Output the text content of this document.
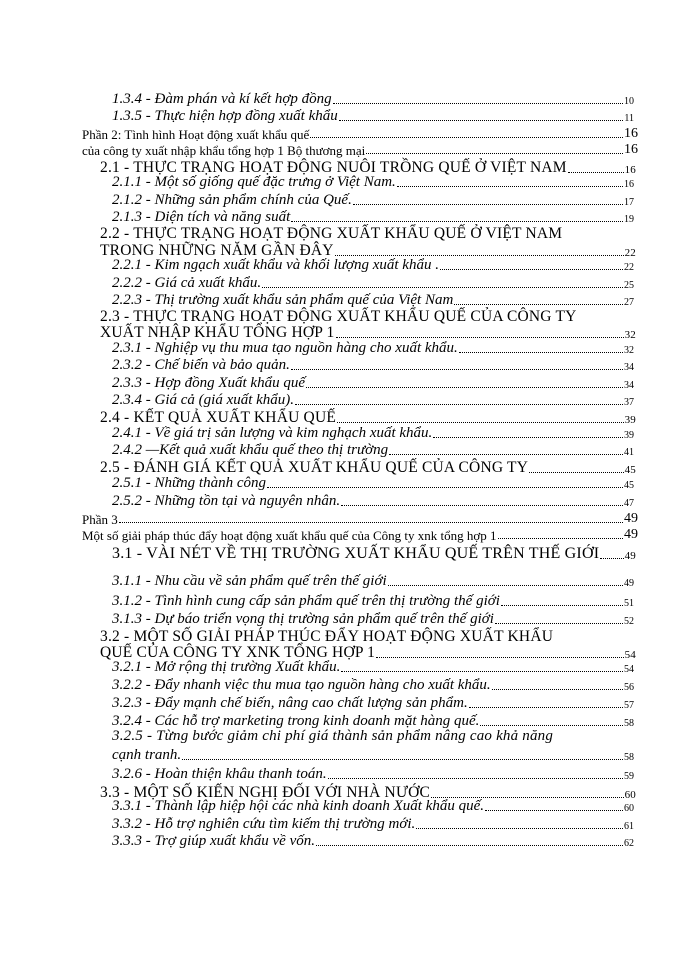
1.3.4 - Đàm phán và kí kết hợp đồng	10
1.3.5 - Thực hiện hợp đồng xuất khẩu	11
Phần 2: Tình hình Hoạt động xuất khẩu quế	16
của công ty xuất nhập khẩu tổng hợp 1 Bộ thương mại	16
2.1 - THỰC TRẠNG HOẠT ĐỘNG NUÔI TRỒNG QUẾ Ở VIỆT NAM	16
2.1.1 - Một số giống quế đặc trưng ở Việt Nam.	16
2.1.2 - Những sản phẩm chính của Quế.	17
2.1.3 - Diện tích và năng suất	19
2.2 - THỰC TRẠNG HOẠT ĐỘNG XUẤT KHẨU QUẾ Ở VIỆT NAM
TRONG NHỮNG NĂM GẦN ĐÂY	22
2.2.1 - Kim ngạch xuất khẩu và khối lượng xuất khẩu .	22
2.2.2 - Giá cả xuất khẩu.	25
2.2.3 - Thị trường xuất khẩu sản phẩm quế của Việt Nam	27
2.3 - THỰC TRẠNG HOẠT ĐỘNG XUẤT KHẨU QUẾ CỦA CÔNG TY
XUẤT NHẬP KHẨU TỔNG HỢP 1	32
2.3.1 - Nghiệp vụ thu mua tạo nguồn hàng cho xuất khẩu.	32
2.3.2 - Chế biến và bảo quản.	34
2.3.3 - Hợp đồng Xuất khẩu quế	34
2.3.4 - Giá cả (giá xuất khẩu).	37
2.4 - KẾT QUẢ XUẤT KHẨU QUẾ	39
2.4.1 - Về giá trị sản lượng và kim nghạch xuất khẩu.	39
2.4.2 —Kết quả xuất khẩu quế theo thị trường	41
2.5 - ĐÁNH GIÁ KẾT QUẢ XUẤT KHẨU QUẾ CỦA CÔNG TY	45
2.5.1 - Những thành công	45
2.5.2 - Những tồn tại và nguyên nhân.	47
Phần 3	49
Một số giải pháp thúc đẩy hoạt động xuất khẩu quế của Công ty xnk tổng hợp 1	49
3.1 - VÀI NÉT VỀ THỊ TRƯỜNG XUẤT KHẨU QUẾ TRÊN THẾ GIỚI 49
3.1.1 - Nhu cầu về sản phẩm quế trên thế giới	49
3.1.2 - Tình hình cung cấp sản phẩm quế trên thị trường thế giới	51
3.1.3 - Dự báo triển vọng thị trường sản phẩm quế trên thế giới	52
3.2 - MỘT SỐ GIẢI PHÁP THÚC ĐẨY HOẠT ĐỘNG XUẤT KHẨU
QUẾ CỦA CÔNG TY XNK TỔNG HỢP 1	54
3.2.1 - Mở rộng thị trường Xuất khẩu.	54
3.2.2 - Đẩy nhanh việc thu mua tạo nguồn hàng cho xuất khẩu.	56
3.2.3 - Đẩy mạnh chế biến, nâng cao chất lượng sản phẩm.	57
3.2.4 - Các hỗ trợ marketing trong kinh doanh mặt hàng quế.	58
3.2.5 - Từng bước giảm chi phí giá thành sản phẩm nâng cao khả năng
cạnh tranh.	58
3.2.6 - Hoàn thiện khâu thanh toán.	59
3.3 - MỘT SỐ KIẾN NGHỊ ĐỐI VỚI NHÀ NƯỚC	60
3.3.1 - Thành lập hiệp hội các nhà kinh doanh Xuất khẩu quế.	60
3.3.2 - Hỗ trợ nghiên cứu tìm kiếm thị trường mới.	61
3.3.3 - Trợ giúp xuất khẩu về vốn.	62
